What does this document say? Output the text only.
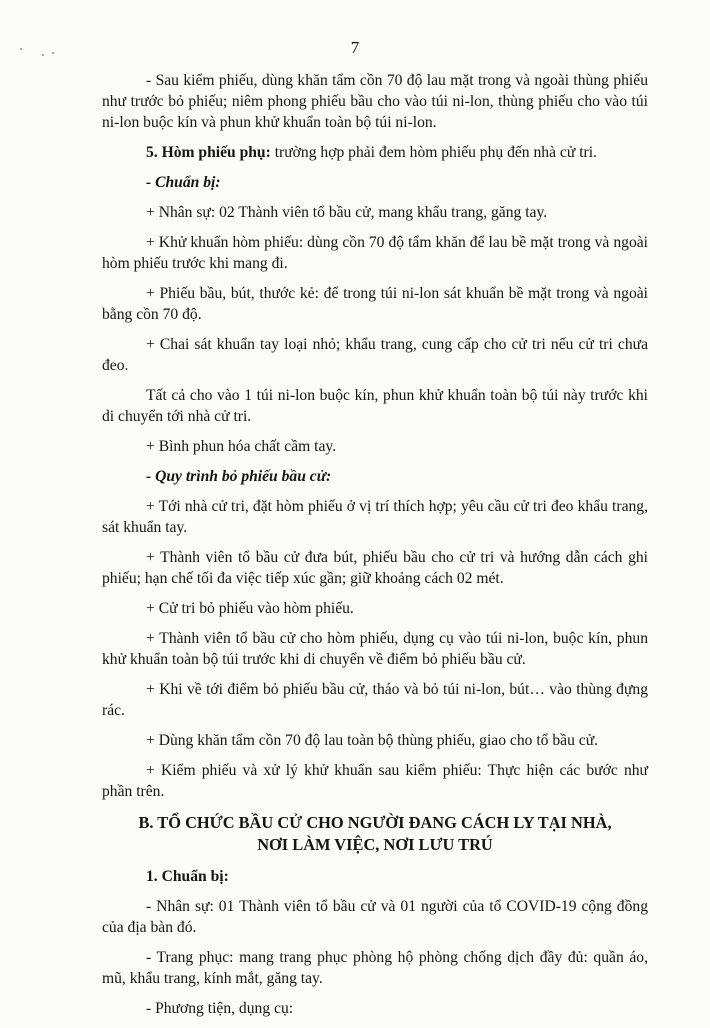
7

- Sau kiểm phiếu, dùng khăn tẩm cồn 70 độ lau mặt trong và ngoài thùng phiếu như trước bỏ phiếu; niêm phong phiếu bầu cho vào túi ni-lon, thùng phiếu cho vào túi ni-lon buộc kín và phun khử khuẩn toàn bộ túi ni-lon.

5. Hòm phiếu phụ: trường hợp phải đem hòm phiếu phụ đến nhà cử tri.

- Chuẩn bị:

+ Nhân sự: 02 Thành viên tổ bầu cử, mang khẩu trang, găng tay.

+ Khử khuẩn hòm phiếu: dùng cồn 70 độ tẩm khăn để lau bề mặt trong và ngoài hòm phiếu trước khi mang đi.

+ Phiếu bầu, bút, thước kẻ: để trong túi ni-lon sát khuẩn bề mặt trong và ngoài bằng cồn 70 độ.

+ Chai sát khuẩn tay loại nhỏ; khẩu trang, cung cấp cho cử tri nếu cử tri chưa đeo.

Tất cả cho vào 1 túi ni-lon buộc kín, phun khử khuẩn toàn bộ túi này trước khi di chuyển tới nhà cử tri.

+ Bình phun hóa chất cầm tay.

- Quy trình bỏ phiếu bầu cử:

+ Tới nhà cử tri, đặt hòm phiếu ở vị trí thích hợp; yêu cầu cử tri đeo khẩu trang, sát khuẩn tay.

+ Thành viên tổ bầu cử đưa bút, phiếu bầu cho cử tri và hướng dẫn cách ghi phiếu; hạn chế tối đa việc tiếp xúc gần; giữ khoảng cách 02 mét.

+ Cử tri bỏ phiếu vào hòm phiếu.

+ Thành viên tổ bầu cử cho hòm phiếu, dụng cụ vào túi ni-lon, buộc kín, phun khử khuẩn toàn bộ túi trước khi di chuyển về điểm bỏ phiếu bầu cử.

+ Khi về tới điểm bỏ phiếu bầu cử, tháo và bỏ túi ni-lon, bút… vào thùng đựng rác.

+ Dùng khăn tẩm cồn 70 độ lau toàn bộ thùng phiếu, giao cho tổ bầu cử.

+ Kiểm phiếu và xử lý khử khuẩn sau kiểm phiếu: Thực hiện các bước như phần trên.

B. TỔ CHỨC BẦU CỬ CHO NGƯỜI ĐANG CÁCH LY TẠI NHÀ,
NƠI LÀM VIỆC, NƠI LƯU TRÚ

1. Chuẩn bị:

- Nhân sự: 01 Thành viên tổ bầu cử và 01 người của tổ COVID-19 cộng đồng của địa bàn đó.

- Trang phục: mang trang phục phòng hộ phòng chống dịch đầy đủ: quần áo, mũ, khẩu trang, kính mắt, găng tay.

- Phương tiện, dụng cụ:
